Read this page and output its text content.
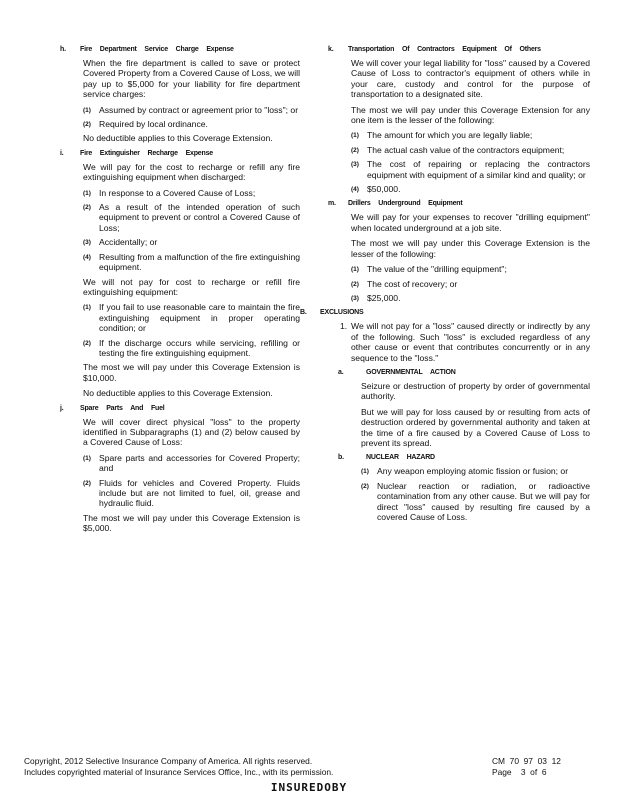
h.	Fire Department Service Charge Expense
When the fire department is called to save or protect Covered Property from a Covered Cause of Loss, we will pay up to $5,000 for your liability for fire department service charges:
(1) Assumed by contract or agreement prior to "loss"; or
(2) Required by local ordinance.
No deductible applies to this Coverage Extension.
i.	Fire Extinguisher Recharge Expense
We will pay for the cost to recharge or refill any fire extinguishing equipment when discharged:
(1) In response to a Covered Cause of Loss;
(2) As a result of the intended operation of such equipment to prevent or control a Covered Cause of Loss;
(3) Accidentally; or
(4) Resulting from a malfunction of the fire extinguishing equipment.
We will not pay for cost to recharge or refill fire extinguishing equipment:
(1) If you fail to use reasonable care to maintain the fire extinguishing equipment in proper operating condition; or
(2) If the discharge occurs while servicing, refilling or testing the fire extinguishing equipment.
The most we will pay under this Coverage Extension is $10,000.
No deductible applies to this Coverage Extension.
j.	Spare Parts And Fuel
We will cover direct physical "loss" to the property identified in Subparagraphs (1) and (2) below caused by a Covered Cause of Loss:
(1) Spare parts and accessories for Covered Property; and
(2) Fluids for vehicles and Covered Property. Fluids include but are not limited to fuel, oil, grease and hydraulic fluid.
The most we will pay under this Coverage Extension is $5,000.
k.	Transportation Of Contractors Equipment Of Others
We will cover your legal liability for "loss" caused by a Covered Cause of Loss to contractor's equipment of others while in your care, custody and control for the purpose of transportation to a designated site.
The most we will pay under this Coverage Extension for any one item is the lesser of the following:
(1) The amount for which you are legally liable;
(2) The actual cash value of the contractors equipment;
(3) The cost of repairing or replacing the contractors equipment with equipment of a similar kind and quality; or
(4) $50,000.
m.	Drillers Underground Equipment
We will pay for your expenses to recover "drilling equipment" when located underground at a job site.
The most we will pay under this Coverage Extension is the lesser of the following:
(1) The value of the "drilling equipment";
(2) The cost of recovery; or
(3) $25,000.
B.	EXCLUSIONS
1. We will not pay for a "loss" caused directly or indirectly by any of the following. Such "loss" is excluded regardless of any other cause or event that contributes concurrently or in any sequence to the "loss."
a.	GOVERNMENTAL ACTION
Seizure or destruction of property by order of governmental authority.
But we will pay for loss caused by or resulting from acts of destruction ordered by governmental authority and taken at the time of a fire caused by a Covered Cause of Loss to prevent its spread.
b.	NUCLEAR HAZARD
(1) Any weapon employing atomic fission or fusion; or
(2) Nuclear reaction or radiation, or radioactive contamination from any other cause. But we will pay for direct "loss" caused by resulting fire caused by a covered Cause of Loss.
Copyright, 2012 Selective Insurance Company of America. All rights reserved.
Includes copyrighted material of Insurance Services Office, Inc., with its permission.
CM  70  97  03  12
Page    3  of  6
INSUREDOBY
